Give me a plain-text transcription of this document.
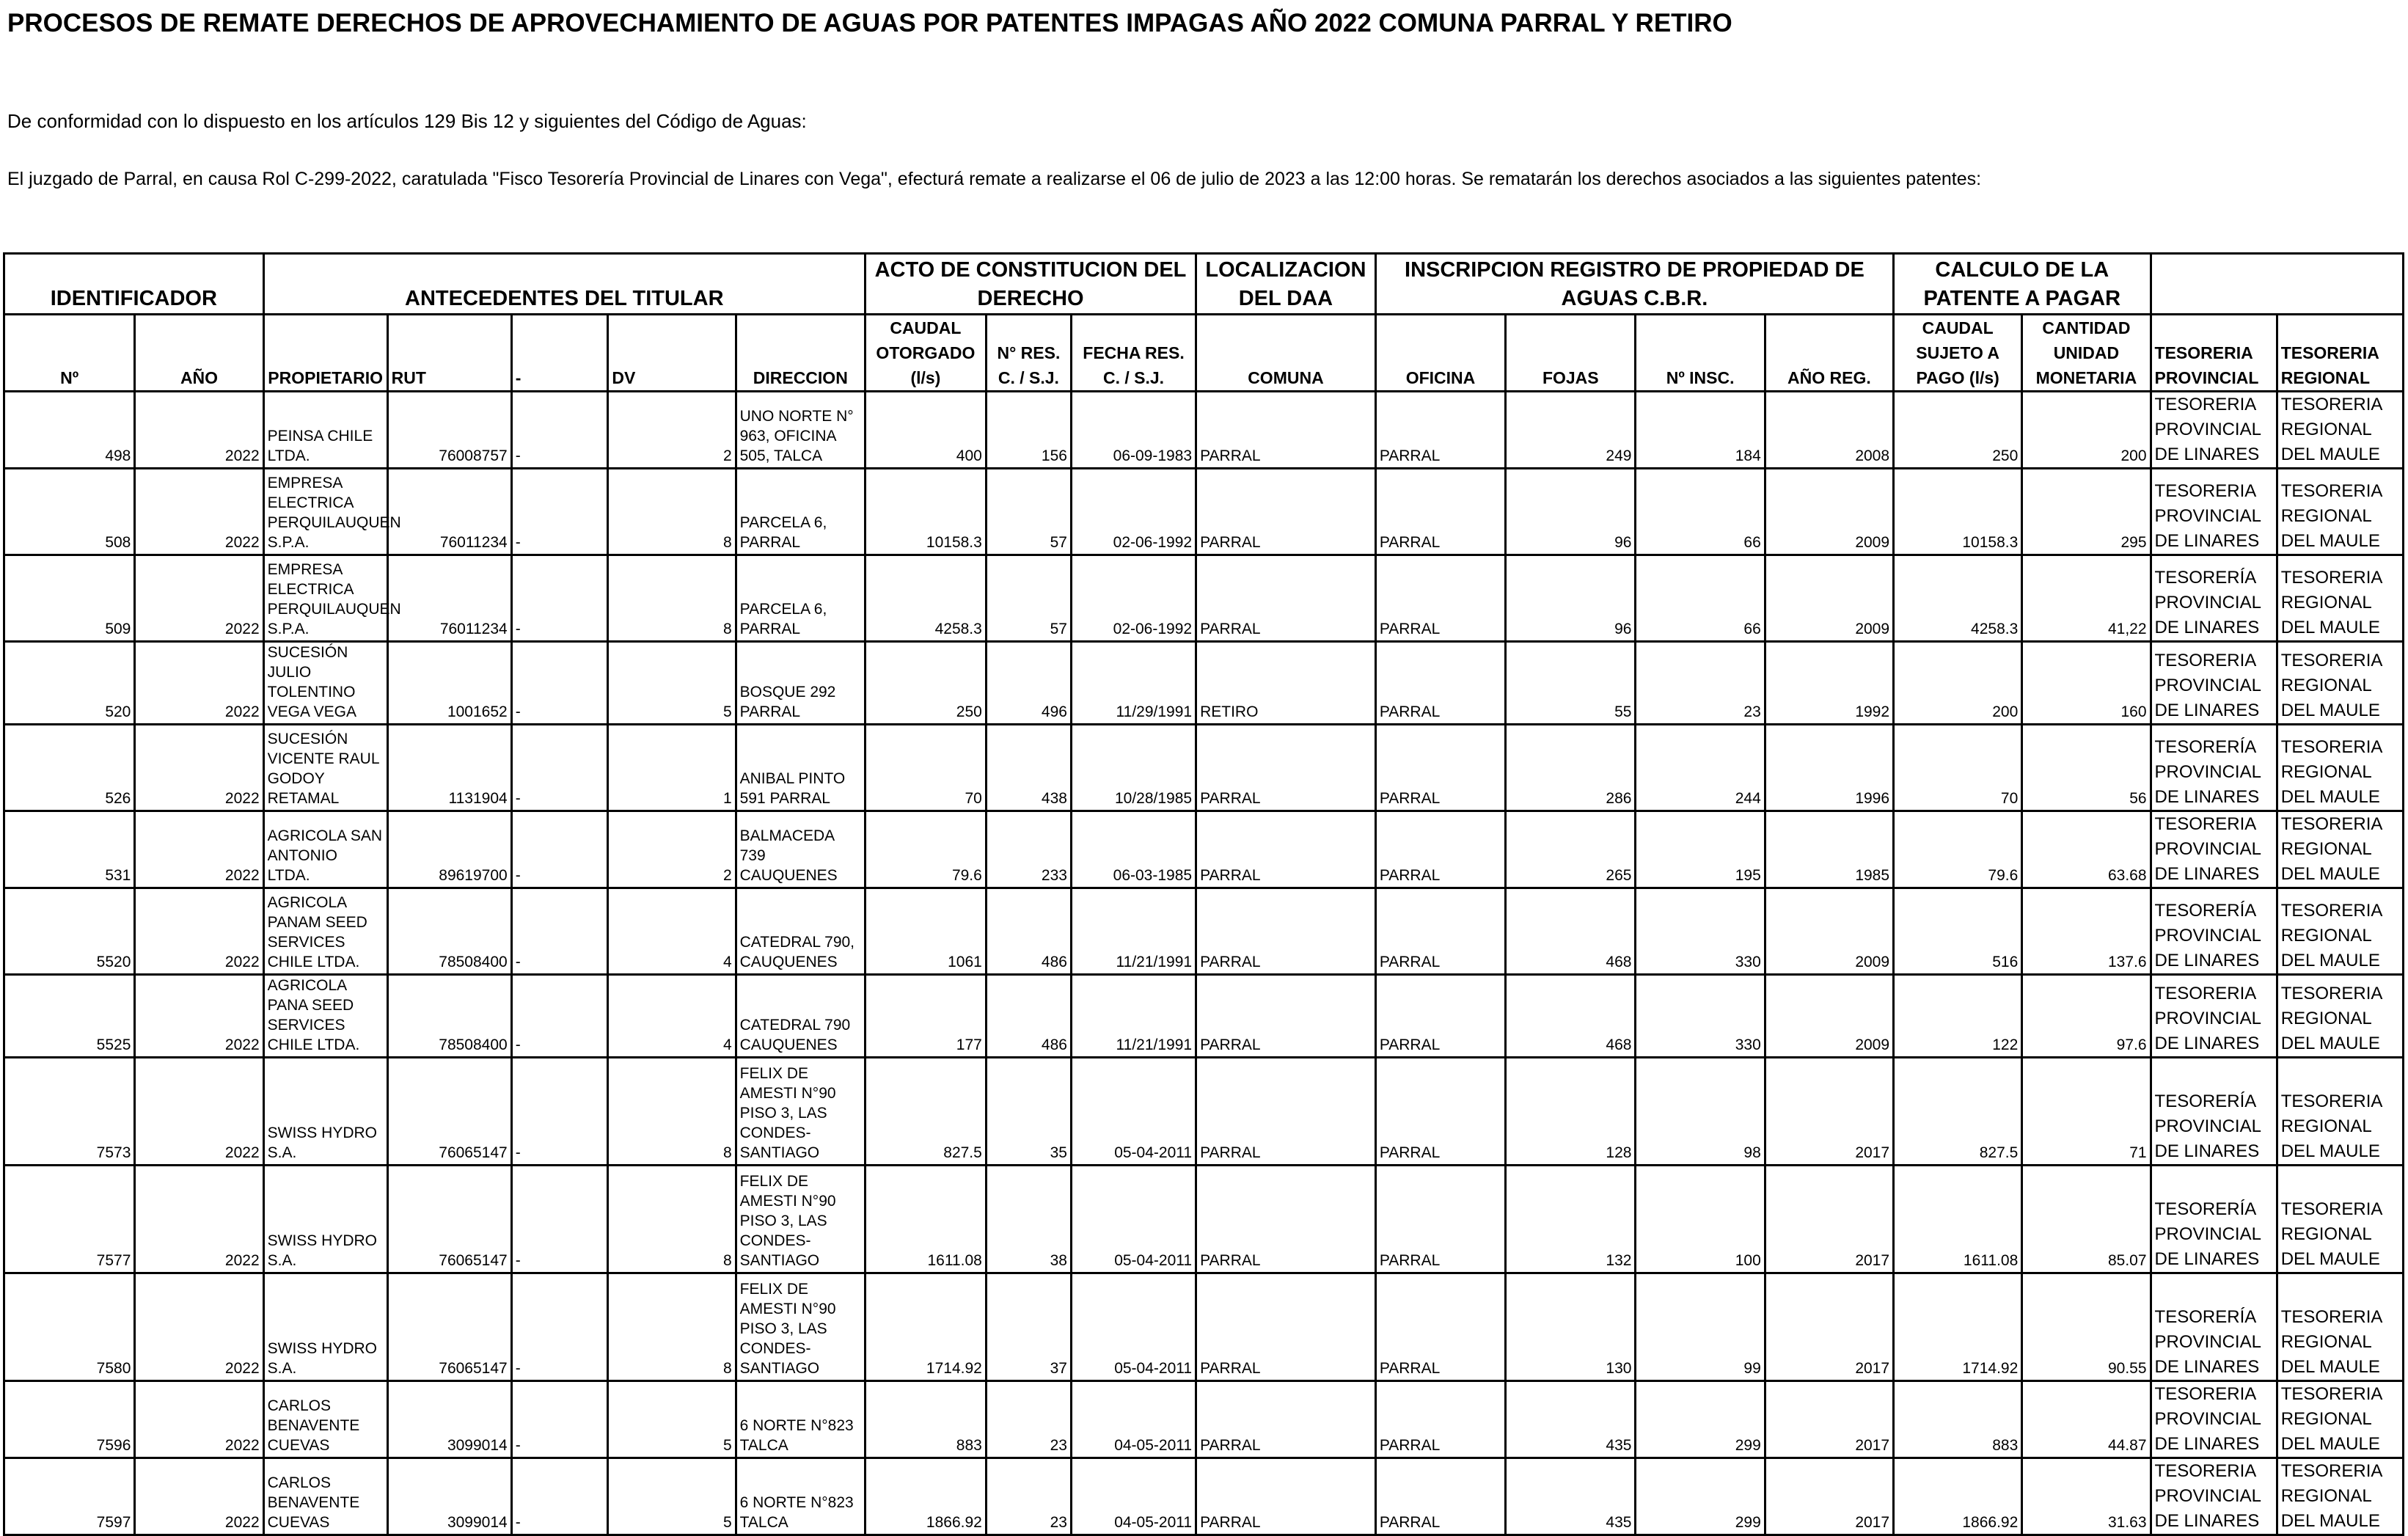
PROCESOS DE REMATE DERECHOS DE APROVECHAMIENTO DE AGUAS POR PATENTES IMPAGAS AÑO 2022 COMUNA PARRAL Y RETIRO
De conformidad con lo dispuesto en los artículos 129 Bis 12 y siguientes del Código de Aguas:
El juzgado de Parral, en causa Rol C-299-2022, caratulada "Fisco Tesorería Provincial de Linares con Vega", efecturá remate a realizarse el 06 de julio de 2023 a las 12:00 horas. Se rematarán los derechos asociados a las siguientes patentes:
IDENTIFICADOR		ANTECEDENTES DEL TITULAR					ACTO DE CONSTITUCION DEL DERECHO			LOCALIZACION DEL DAA	INSCRIPCION REGISTRO DE PROPIEDAD DE AGUAS C.B.R.				CALCULO DE LA PATENTE A PAGAR			
Nº	AÑO	PROPIETARIO	RUT	-	DV	DIRECCION	CAUDAL OTORGADO (l/s)	N° RES. C. / S.J.	FECHA RES. C. / S.J.	COMUNA	OFICINA	FOJAS	Nº INSC.	AÑO REG.	CAUDAL SUJETO A PAGO (l/s)	CANTIDAD UNIDAD MONETARIA	TESORERIA PROVINCIAL	TESORERIA REGIONAL
498	2022	PEINSA CHILE LTDA.	76008757	-	2	UNO NORTE N° 963, OFICINA 505, TALCA	400	156	06-09-1983	PARRAL	PARRAL	249	184	2008	250	200	TESORERIA PROVINCIAL DE LINARES	TESORERIA REGIONAL DEL MAULE
508	2022	EMPRESA ELECTRICA PERQUILAUQUEN S.P.A.	76011234	-	8	PARCELA 6, PARRAL	10158.3	57	02-06-1992	PARRAL	PARRAL	96	66	2009	10158.3	295	TESORERIA PROVINCIAL DE LINARES	TESORERIA REGIONAL DEL MAULE
509	2022	EMPRESA ELECTRICA PERQUILAUQUEN S.P.A.	76011234	-	8	PARCELA 6, PARRAL	4258.3	57	02-06-1992	PARRAL	PARRAL	96	66	2009	4258.3	41,22	TESORERÍA PROVINCIAL DE LINARES	TESORERIA REGIONAL DEL MAULE
520	2022	SUCESIÓN JULIO TOLENTINO VEGA VEGA	1001652	-	5	BOSQUE 292 PARRAL	250	496	11/29/1991	RETIRO	PARRAL	55	23	1992	200	160	TESORERIA PROVINCIAL DE LINARES	TESORERIA REGIONAL DEL MAULE
526	2022	SUCESIÓN VICENTE RAUL GODOY RETAMAL	1131904	-	1	ANIBAL PINTO 591 PARRAL	70	438	10/28/1985	PARRAL	PARRAL	286	244	1996	70	56	TESORERÍA PROVINCIAL DE LINARES	TESORERIA REGIONAL DEL MAULE
531	2022	AGRICOLA SAN ANTONIO LTDA.	89619700	-	2	BALMACEDA 739 CAUQUENES	79.6	233	06-03-1985	PARRAL	PARRAL	265	195	1985	79.6	63.68	TESORERIA PROVINCIAL DE LINARES	TESORERIA REGIONAL DEL MAULE
5520	2022	AGRICOLA PANAM SEED SERVICES CHILE LTDA.	78508400	-	4	CATEDRAL 790, CAUQUENES	1061	486	11/21/1991	PARRAL	PARRAL	468	330	2009	516	137.6	TESORERÍA PROVINCIAL DE LINARES	TESORERIA REGIONAL DEL MAULE
5525	2022	AGRICOLA PANA SEED SERVICES CHILE LTDA.	78508400	-	4	CATEDRAL 790 CAUQUENES	177	486	11/21/1991	PARRAL	PARRAL	468	330	2009	122	97.6	TESORERIA PROVINCIAL DE LINARES	TESORERIA REGIONAL DEL MAULE
7573	2022	SWISS HYDRO S.A.	76065147	-	8	FELIX DE AMESTI N°90 PISO 3, LAS CONDES-SANTIAGO	827.5	35	05-04-2011	PARRAL	PARRAL	128	98	2017	827.5	71	TESORERÍA PROVINCIAL DE LINARES	TESORERIA REGIONAL DEL MAULE
7577	2022	SWISS HYDRO S.A.	76065147	-	8	FELIX DE AMESTI N°90 PISO 3, LAS CONDES-SANTIAGO	1611.08	38	05-04-2011	PARRAL	PARRAL	132	100	2017	1611.08	85.07	TESORERÍA PROVINCIAL DE LINARES	TESORERIA REGIONAL DEL MAULE
7580	2022	SWISS HYDRO S.A.	76065147	-	8	FELIX DE AMESTI N°90 PISO 3, LAS CONDES-SANTIAGO	1714.92	37	05-04-2011	PARRAL	PARRAL	130	99	2017	1714.92	90.55	TESORERÍA PROVINCIAL DE LINARES	TESORERIA REGIONAL DEL MAULE
7596	2022	CARLOS BENAVENTE CUEVAS	3099014	-	5	6 NORTE N°823 TALCA	883	23	04-05-2011	PARRAL	PARRAL	435	299	2017	883	44.87	TESORERIA PROVINCIAL DE LINARES	TESORERIA REGIONAL DEL MAULE
7597	2022	CARLOS BENAVENTE CUEVAS	3099014	-	5	6 NORTE N°823 TALCA	1866.92	23	04-05-2011	PARRAL	PARRAL	435	299	2017	1866.92	31.63	TESORERIA PROVINCIAL DE LINARES	TESORERIA REGIONAL DEL MAULE
